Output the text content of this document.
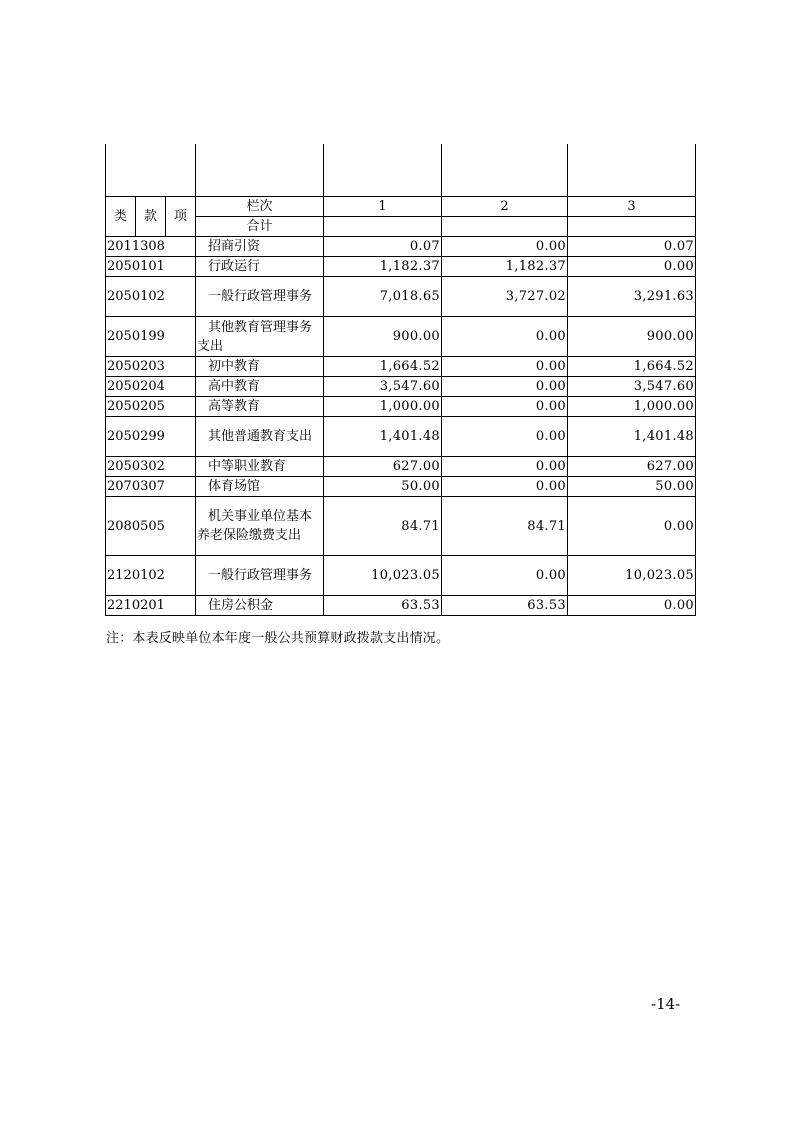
类	款	项	栏次	1	2	3
			合计			
2011308			招商引资	0.07	0.00	0.07
2050101			行政运行	1,182.37	1,182.37	0.00
2050102			一般行政管理事务	7,018.65	3,727.02	3,291.63
2050199			其他教育管理事务支出	900.00	0.00	900.00
2050203			初中教育	1,664.52	0.00	1,664.52
2050204			高中教育	3,547.60	0.00	3,547.60
2050205			高等教育	1,000.00	0.00	1,000.00
2050299			其他普通教育支出	1,401.48	0.00	1,401.48
2050302			中等职业教育	627.00	0.00	627.00
2070307			体育场馆	50.00	0.00	50.00
2080505			机关事业单位基本养老保险缴费支出	84.71	84.71	0.00
2120102			一般行政管理事务	10,023.05	0.00	10,023.05
2210201			住房公积金	63.53	63.53	0.00
注：本表反映单位本年度一般公共预算财政拨款支出情况。
-14-
